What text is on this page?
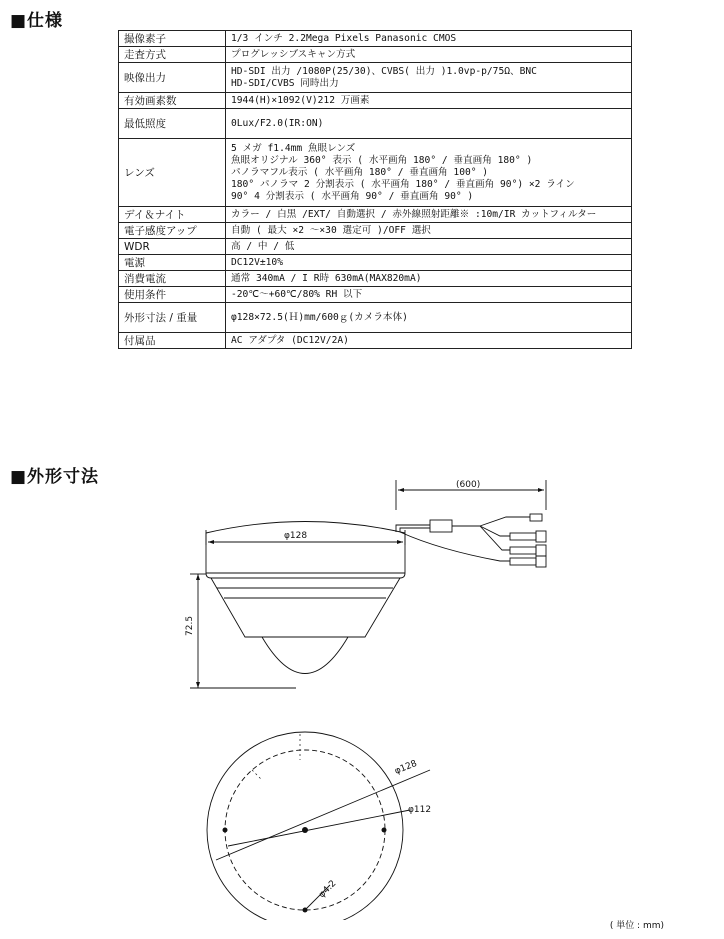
■仕様
撮像素子	1/3 インチ 2.2Mega Pixels Panasonic CMOS

走査方式	プログレッシブスキャン方式

映像出力	HD-SDI 出力 /1080P(25/30)、CVBS( 出力 )1.0vp-p/75Ω、BNC
HD-SDI/CVBS 同時出力

有効画素数	1944(H)×1092(V)212 万画素

最低照度	0Lux/F2.0(IR:ON)

レンズ	5 メガ f1.4mm 魚眼レンズ
魚眼オリジナル 360° 表示 ( 水平画角 180° / 垂直画角 180° )
パノラマフル表示 ( 水平画角 180° / 垂直画角 100° )
180° パノラマ 2 分割表示 ( 水平画角 180° / 垂直画角 90°) ×2 ライン
90° 4 分割表示 ( 水平画角 90° / 垂直画角 90° )

デイ＆ナイト	カラー / 白黒 /EXT/ 自動選択 / 赤外線照射距離※ :10m/IR カットフィルター

電子感度アップ	自動 ( 最大 ×2 ～×30 選定可 )/OFF 選択

WDR	高 / 中 / 低

電源	DC12V±10%

消費電流	通常 340mA / I R時 630mA(MAX820mA)

使用条件	-20℃～+60℃/80% RH 以下

外形寸法 / 重量	φ128×72.5(Ｈ)mm/600ｇ(カメラ本体)

付属品	AC アダプタ (DC12V/2A)
■外形寸法	(600)
φ128
72.5
φ128
φ112
φ4.2
( 単位 : mm)
